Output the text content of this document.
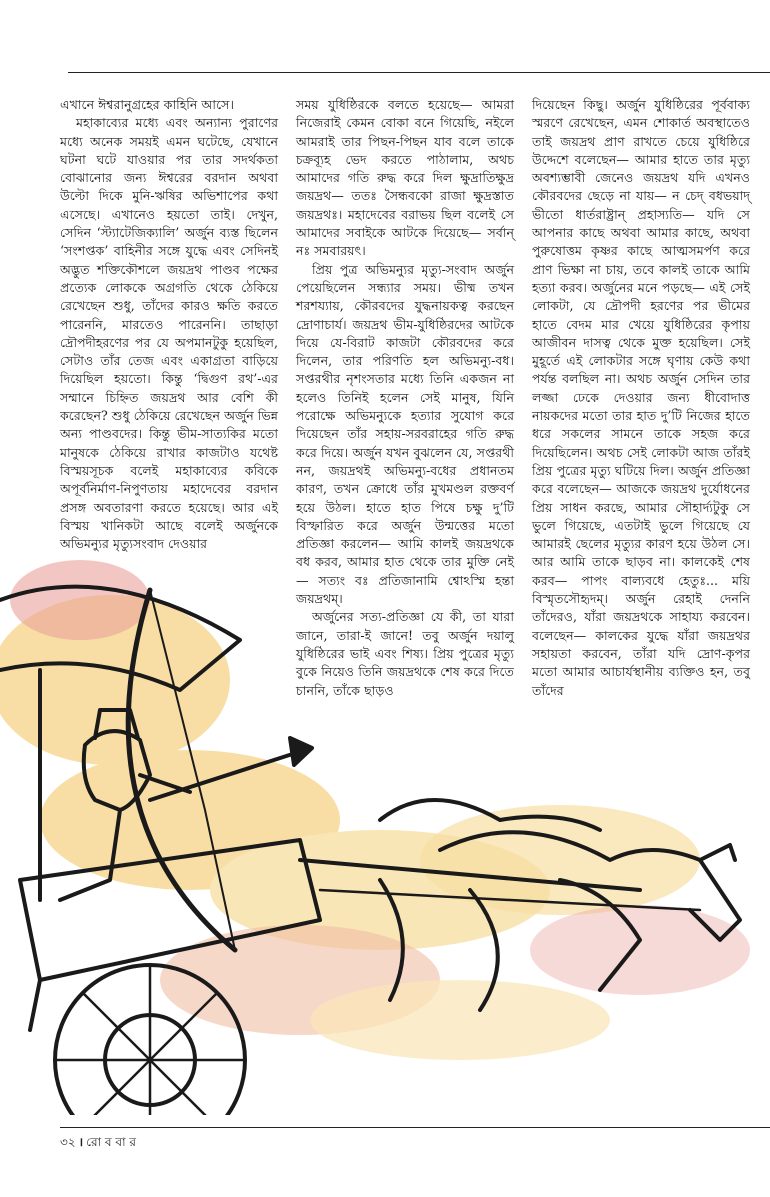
এখানে ঈশ্বরানুগ্রহের কাহিনি আসে।

মহাকাব্যের মধ্যে এবং অন্যান্য পুরাণের মধ্যে অনেক সময়ই এমন ঘটেছে, যেখানে ঘটনা ঘটে যাওয়ার পর তার সদর্থকতা বোঝানোর জন্য ঈশ্বরের বরদান অথবা উল্টো দিকে মুনি-ঋষির অভিশাপের কথা এসেছে। এখানেও হয়তো তাই। দেখুন, সেদিন ‘স্ট্যাটেজিক্যালি’ অর্জুন ব্যস্ত ছিলেন ‘সংশপ্তক’ বাহিনীর সঙ্গে যুদ্ধে এবং সেদিনই অদ্ভুত শক্তিকৌশলে জয়দ্রথ পাণ্ডব পক্ষের প্রত্যেক লোককে অগ্রগতি থেকে ঠেকিয়ে রেখেছেন শুধু, তাঁদের কারও ক্ষতি করতে পারেননি, মারতেও পারেননি। তাছাড়া দ্রৌপদীহরণের পর যে অপমানটুকু হয়েছিল, সেটাও তাঁর তেজ এবং একাগ্রতা বাড়িয়ে দিয়েছিল হয়তো। কিন্তু ‘দ্বিগুণ রথ’-এর সম্মানে চিহ্নিত জয়দ্রথ আর বেশি কী করেছেন? শুধু ঠেকিয়ে রেখেছেন অর্জুন ভিন্ন অন্য পাণ্ডবদের। কিন্তু ভীম-সাত্যকির মতো মানুষকে ঠেকিয়ে রাখার কাজটাও যথেষ্ট বিস্ময়সূচক বলেই মহাকাব্যের কবিকে অপূর্বনির্মাণ-নিপুণতায় মহাদেবের বরদান প্রসঙ্গ অবতারণা করতে হয়েছে। আর এই বিস্ময় খানিকটা আছে বলেই অর্জুনকে অভিমন্যুর মৃত্যুসংবাদ দেওয়ার

সময় যুধিষ্ঠিরকে বলতে হয়েছে— আমরা নিজেরাই কেমন বোকা বনে গিয়েছি, নইলে আমরাই তার পিছন-পিছন যাব বলে তাকে চক্রব্যূহ ভেদ করতে পাঠালাম, অথচ আমাদের গতি রুদ্ধ করে দিল ক্ষুদ্রাতিক্ষুদ্র জয়দ্রথ— ততঃ সৈন্ধবকো রাজা ক্ষুদ্রস্তাত জয়দ্রথঃ। মহাদেবের বরাভয় ছিল বলেই সে আমাদের সবাইকে আটকে দিয়েছে— সর্বান্ নঃ সমবারয়ৎ।

প্রিয় পুত্র অভিমন্যুর মৃত্যু-সংবাদ অর্জুন পেয়েছিলেন সন্ধ্যার সময়। ভীষ্ম তখন শরশয্যায়, কৌরবদের যুদ্ধনায়কত্ব করছেন দ্রোণাচার্য। জয়দ্রথ ভীম-যুধিষ্ঠিরদের আটকে দিয়ে যে-বিরাট কাজটা কৌরবদের করে দিলেন, তার পরিণতি হল অভিমন্যু-বধ। সপ্তরথীর নৃশংসতার মধ্যে তিনি একজন না হলেও তিনিই হলেন সেই মানুষ, যিনি পরোক্ষে অভিমন্যুকে হত্যার সুযোগ করে দিয়েছেন তাঁর সহায়-সরবরাহের গতি রুদ্ধ করে দিয়ে। অর্জুন যখন বুঝলেন যে, সপ্তরথী নন, জয়দ্রথই অভিমন্যু-বধের প্রধানতম কারণ, তখন ক্রোধে তাঁর মুখমণ্ডল রক্তবর্ণ হয়ে উঠল। হাতে হাত পিষে চক্ষু দু’টি বিস্ফারিত করে অর্জুন উন্মত্তের মতো প্রতিজ্ঞা করলেন— আমি কালই জয়দ্রথকে বধ করব, আমার হাত থেকে তার মুক্তি নেই— সত্যং বঃ প্রতিজানামি শ্বোঽস্মি হন্তা জয়দ্রথম্।

অর্জুনের সত্য-প্রতিজ্ঞা যে কী, তা যারা জানে, তারা-ই জানে! তবু অর্জুন দয়ালু যুধিষ্ঠিরের ভাই এবং শিষ্য। প্রিয় পুত্রের মৃত্যু বুকে নিয়েও তিনি জয়দ্রথকে শেষ করে দিতে চাননি, তাঁকে ছাড়ও

দিয়েছেন কিছু। অর্জুন যুধিষ্ঠিরের পূর্ববাক্য স্মরণে রেখেছেন, এমন শোকার্ত অবস্থাতেও তাই জয়দ্রথ প্রাণ রাখতে চেয়ে যুধিষ্ঠিরে উদ্দেশে বলেছেন— আমার হাতে তার মৃত্যু অবশ্যম্ভাবী জেনেও জয়দ্রথ যদি এখনও কৌরবদের ছেড়ে না যায়— ন চেদ্ বধভয়াদ্ ভীতো ধার্তরাষ্ট্রান্ প্রহাস্যতি— যদি সে আপনার কাছে অথবা আমার কাছে, অথবা পুরুষোত্তম কৃষ্ণর কাছে আত্মসমর্পণ করে প্রাণ ভিক্ষা না চায়, তবে কালই তাকে আমি হত্যা করব। অর্জুনের মনে পড়ছে— এই সেই লোকটা, যে দ্রৌপদী হরণের পর ভীমের হাতে বেদম মার খেয়ে যুধিষ্ঠিরের কৃপায় আজীবন দাসত্ব থেকে মুক্ত হয়েছিল। সেই মুহূর্তে এই লোকটার সঙ্গে ঘৃণায় কেউ কথা পর্যন্ত বলছিল না। অথচ অর্জুন সেদিন তার লজ্জা ঢেকে দেওয়ার জন্য ধীবোদাত্ত নায়কদের মতো তার হাত দু’টি নিজের হাতে ধরে সকলের সামনে তাকে সহজ করে দিয়েছিলেন। অথচ সেই লোকটা আজ তাঁরই প্রিয় পুত্রের মৃত্যু ঘটিয়ে দিল। অর্জুন প্রতিজ্ঞা করে বলেছেন— আজকে জয়দ্রথ দুর্যোধনের প্রিয় সাধন করছে, আমার সৌহার্দ্যটুকু সে ভুলে গিয়েছে, এতটাই ভুলে গিয়েছে যে আমারই ছেলের মৃত্যুর কারণ হয়ে উঠল সে। আর আমি তাকে ছাড়ব না। কালকেই শেষ করব— পাপং বাল্যবধে হেতুঃ... ময়ি বিস্মৃতসৌহৃদম্। অর্জুন রেহাই দেননি তাঁদেরও, যাঁরা জয়দ্রথকে সাহায্য করবেন। বলেছেন— কালকের যুদ্ধে যাঁরা জয়দ্রথর সহায়তা করবেন, তাঁরা যদি দ্রোণ-কৃপর মতো আমার আচার্যস্থানীয় ব্যক্তিও হন, তবু তাঁদের

৩২ । রো ব বা র
